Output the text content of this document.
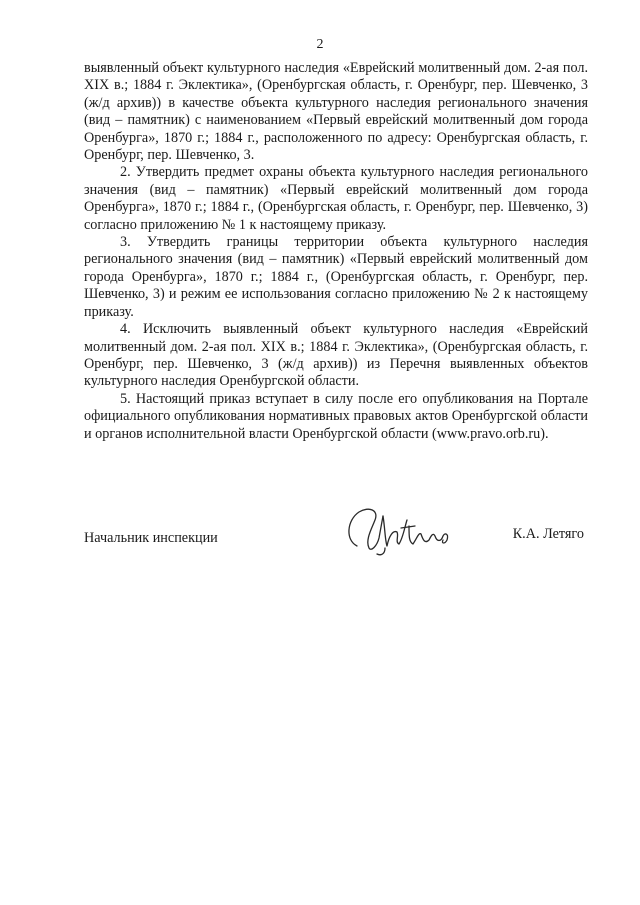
2

выявленный объект культурного наследия «Еврейский молитвенный дом. 2-ая пол. XIX в.; 1884 г. Эклектика», (Оренбургская область, г. Оренбург, пер. Шевченко, 3 (ж/д архив)) в качестве объекта культурного наследия регионального значения (вид – памятник) с наименованием «Первый еврейский молитвенный дом города Оренбурга», 1870 г.; 1884 г., расположенного по адресу: Оренбургская область, г. Оренбург, пер. Шевченко, 3.

2. Утвердить предмет охраны объекта культурного наследия регионального значения (вид – памятник) «Первый еврейский молитвенный дом города Оренбурга», 1870 г.; 1884 г., (Оренбургская область, г. Оренбург, пер. Шевченко, 3) согласно приложению № 1 к настоящему приказу.

3. Утвердить границы территории объекта культурного наследия регионального значения (вид – памятник) «Первый еврейский молитвенный дом города Оренбурга», 1870 г.; 1884 г., (Оренбургская область, г. Оренбург, пер. Шевченко, 3) и режим ее использования согласно приложению № 2 к настоящему приказу.

4. Исключить выявленный объект культурного наследия «Еврейский молитвенный дом. 2-ая пол. XIX в.; 1884 г. Эклектика», (Оренбургская область, г. Оренбург, пер. Шевченко, 3 (ж/д архив)) из Перечня выявленных объектов культурного наследия Оренбургской области.

5. Настоящий приказ вступает в силу после его опубликования на Портале официального опубликования нормативных правовых актов Оренбургской области и органов исполнительной власти Оренбургской области (www.pravo.orb.ru).

Начальник инспекции	К.А. Летяго
